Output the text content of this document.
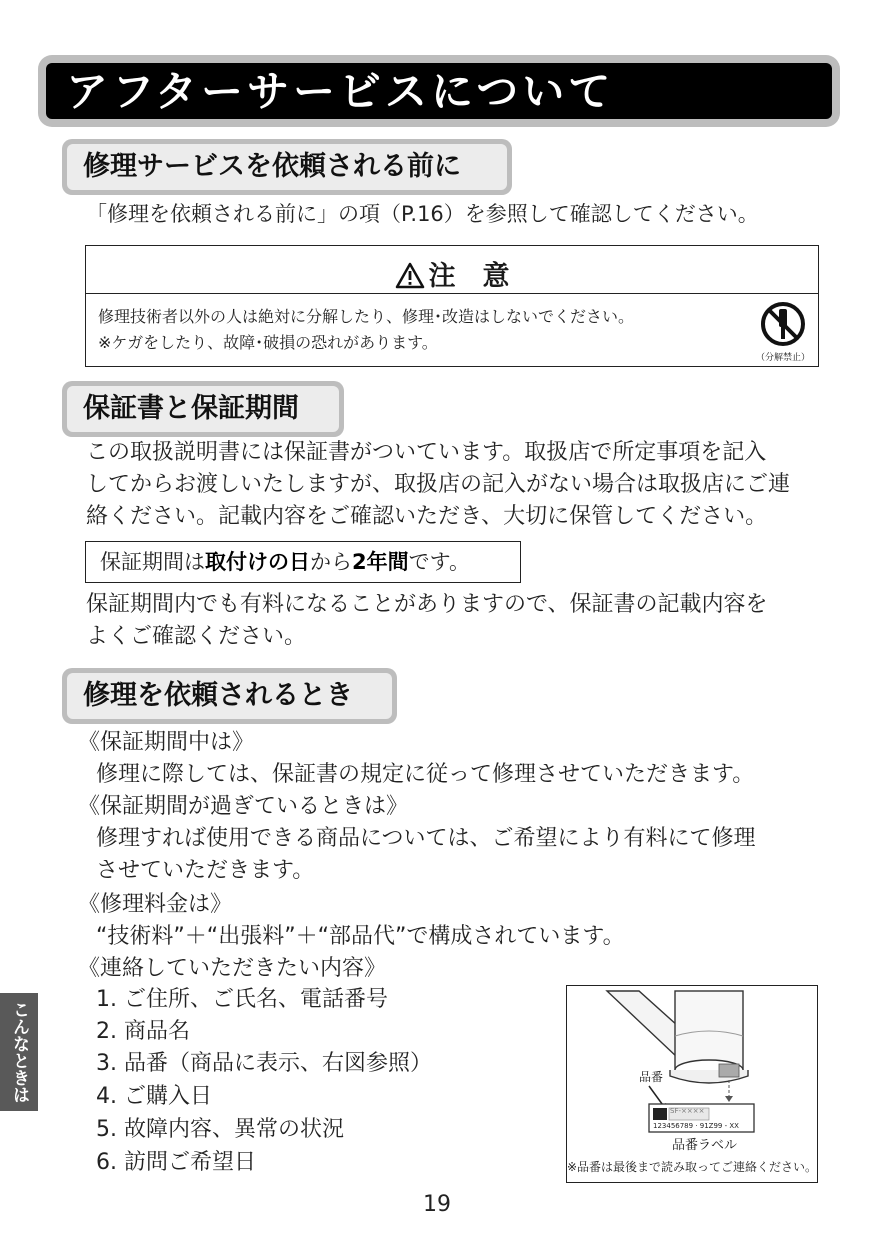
アフターサービスについて
修理サービスを依頼される前に
「修理を依頼される前に」の項（P.16）を参照して確認してください。
注　意
修理技術者以外の人は絶対に分解したり、修理･改造はしないでください。
※ケガをしたり、故障･破損の恐れがあります。
（分解禁止）
保証書と保証期間
この取扱説明書には保証書がついています。取扱店で所定事項を記入
してからお渡しいたしますが、取扱店の記入がない場合は取扱店にご連
絡ください。記載内容をご確認いただき、大切に保管してください。
保証期間は取付けの日から2年間です。
保証期間内でも有料になることがありますので、保証書の記載内容を
よくご確認ください。
修理を依頼されるとき
《保証期間中は》
修理に際しては、保証書の規定に従って修理させていただきます。
《保証期間が過ぎているときは》
修理すれば使用できる商品については、ご希望により有料にて修理
させていただきます。
《修理料金は》
“技術料”＋“出張料”＋“部品代”で構成されています。
《連絡していただきたい内容》
1. ご住所、ご氏名、電話番号
2. 商品名
3. 品番（商品に表示、右図参照）
4. ご購入日
5. 故障内容、異常の状況
6. 訪問ご希望日
品番
SF-××××
123456789 · 91Z99 - XX
品番ラベル
※品番は最後まで読み取ってご連絡ください。
こんなときは
19
